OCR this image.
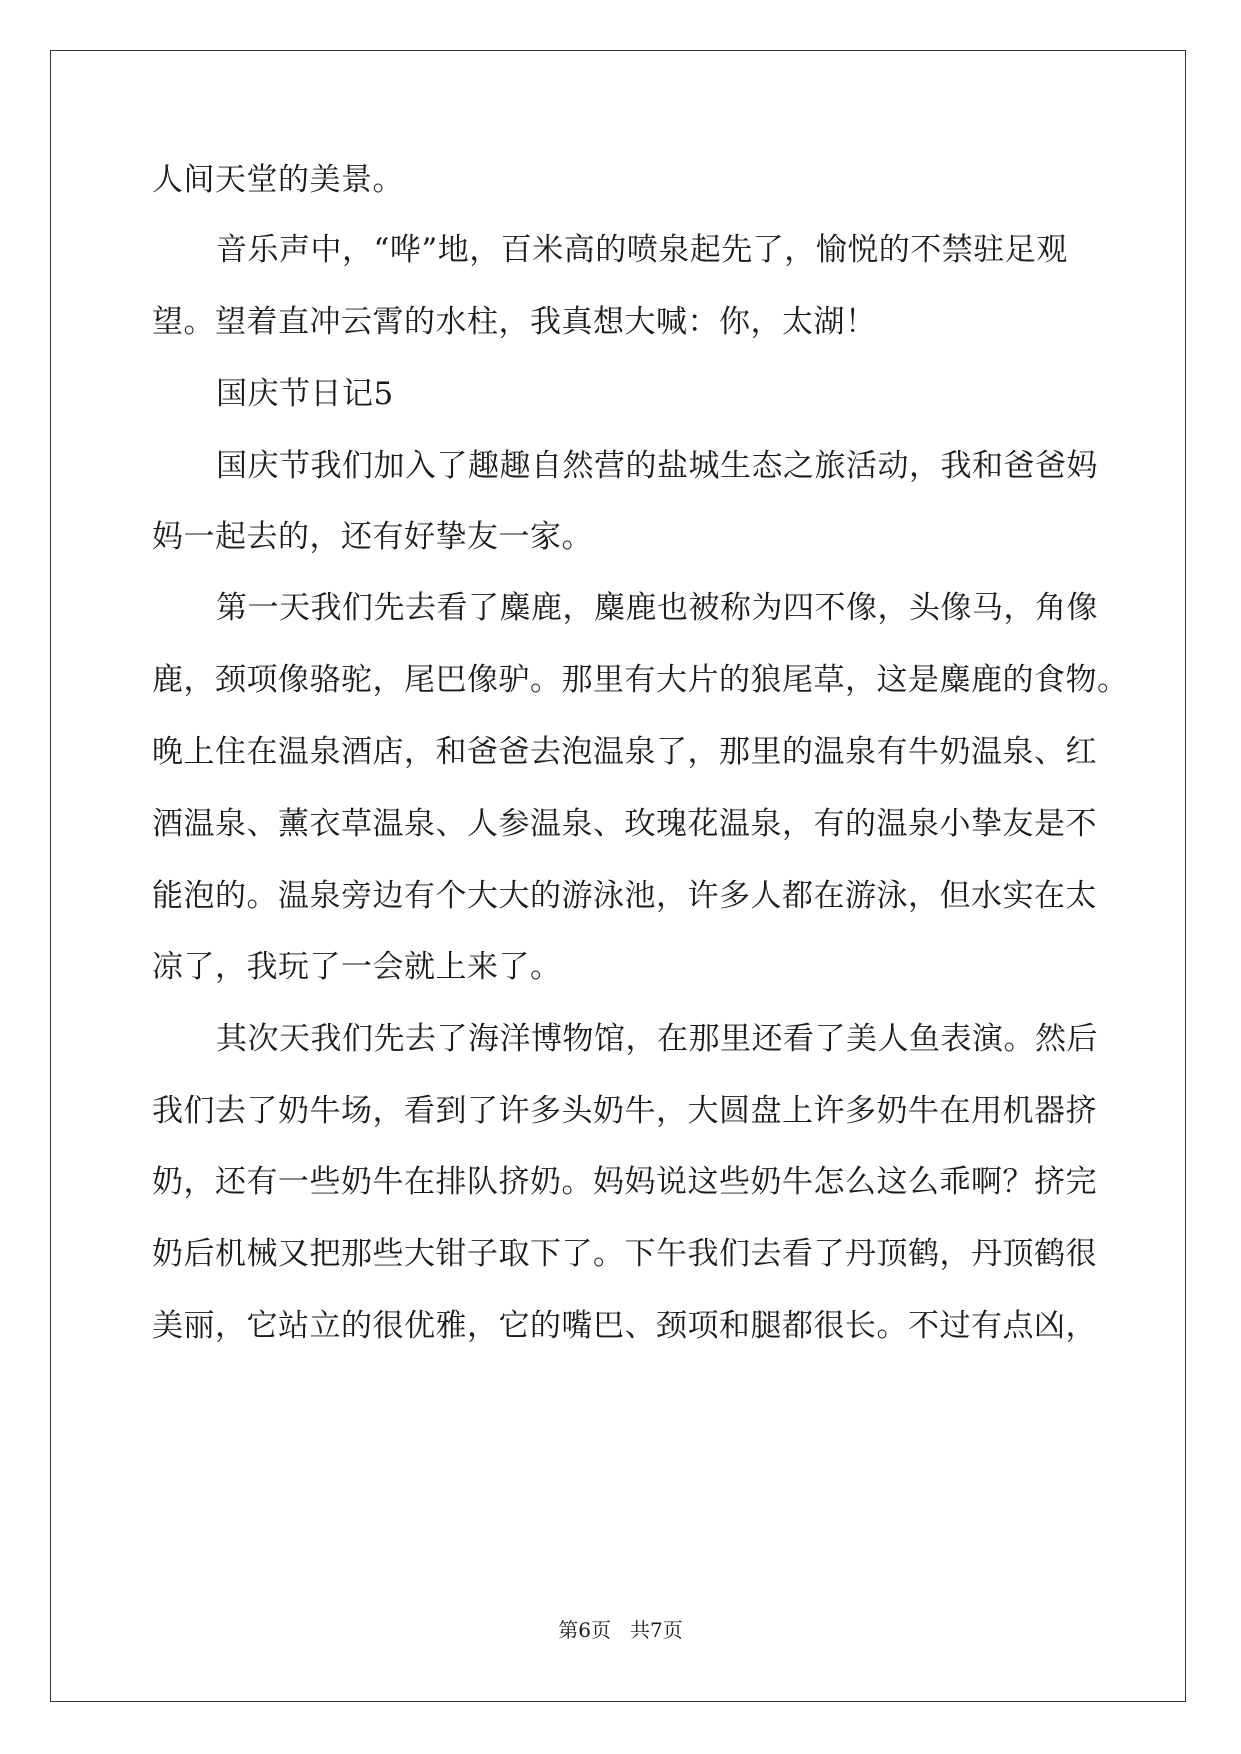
人间天堂的美景。
音乐声中，“哗”地，百米高的喷泉起先了，愉悦的不禁驻足观
望。望着直冲云霄的水柱，我真想大喊：你，太湖！
国庆节日记5
国庆节我们加入了趣趣自然营的盐城生态之旅活动，我和爸爸妈
妈一起去的，还有好挚友一家。
第一天我们先去看了麋鹿，麋鹿也被称为四不像，头像马，角像
鹿，颈项像骆驼，尾巴像驴。那里有大片的狼尾草，这是麋鹿的食物。
晚上住在温泉酒店，和爸爸去泡温泉了，那里的温泉有牛奶温泉、红
酒温泉、薰衣草温泉、人参温泉、玫瑰花温泉，有的温泉小挚友是不
能泡的。温泉旁边有个大大的游泳池，许多人都在游泳，但水实在太
凉了，我玩了一会就上来了。
其次天我们先去了海洋博物馆，在那里还看了美人鱼表演。然后
我们去了奶牛场，看到了许多头奶牛，大圆盘上许多奶牛在用机器挤
奶，还有一些奶牛在排队挤奶。妈妈说这些奶牛怎么这么乖啊？挤完
奶后机械又把那些大钳子取下了。下午我们去看了丹顶鹤，丹顶鹤很
美丽，它站立的很优雅，它的嘴巴、颈项和腿都很长。不过有点凶，
第6页 共7页
